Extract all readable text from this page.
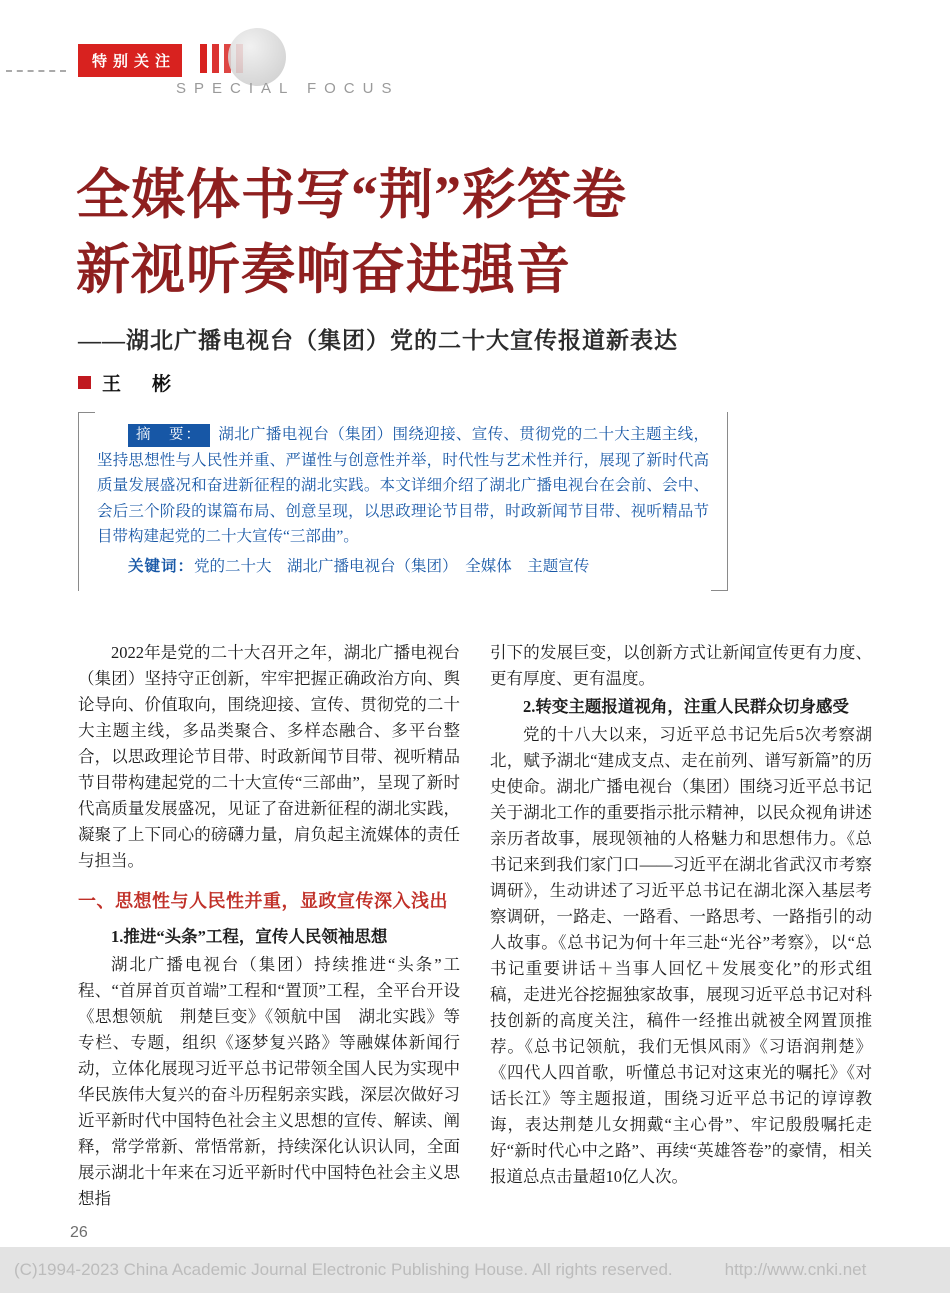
特别关注
SPECIAL FOCUS
全媒体书写“荆”彩答卷
新视听奏响奋进强音
——湖北广播电视台（集团）党的二十大宣传报道新表达
王　彬

摘　要： 湖北广播电视台（集团）围绕迎接、宣传、贯彻党的二十大主题主线，坚持思想性与人民性并重、严谨性与创意性并举，时代性与艺术性并行，展现了新时代高质量发展盛况和奋进新征程的湖北实践。本文详细介绍了湖北广播电视台在会前、会中、会后三个阶段的谋篇布局、创意呈现，以思政理论节目带，时政新闻节目带、视听精品节目带构建起党的二十大宣传“三部曲”。

关键词：党的二十大　湖北广播电视台（集团）　全媒体　主题宣传

2022年是党的二十大召开之年，湖北广播电视台（集团）坚持守正创新，牢牢把握正确政治方向、舆论导向、价值取向，围绕迎接、宣传、贯彻党的二十大主题主线，多品类聚合、多样态融合、多平台整合，以思政理论节目带、时政新闻节目带、视听精品节目带构建起党的二十大宣传“三部曲”，呈现了新时代高质量发展盛况，见证了奋进新征程的湖北实践，凝聚了上下同心的磅礴力量，肩负起主流媒体的责任与担当。

一、思想性与人民性并重，显政宣传深入浅出

1.推进“头条”工程，宣传人民领袖思想

湖北广播电视台（集团）持续推进“头条”工程、“首屏首页首端”工程和“置顶”工程，全平台开设《思想领航　荆楚巨变》《领航中国　湖北实践》等专栏、专题，组织《逐梦复兴路》等融媒体新闻行动，立体化展现习近平总书记带领全国人民为实现中华民族伟大复兴的奋斗历程躬亲实践，深层次做好习近平新时代中国特色社会主义思想的宣传、解读、阐释，常学常新、常悟常新，持续深化认识认同，全面展示湖北十年来在习近平新时代中国特色社会主义思想指

引下的发展巨变，以创新方式让新闻宣传更有力度、更有厚度、更有温度。

2.转变主题报道视角，注重人民群众切身感受

党的十八大以来，习近平总书记先后5次考察湖北，赋予湖北“建成支点、走在前列、谱写新篇”的历史使命。湖北广播电视台（集团）围绕习近平总书记关于湖北工作的重要指示批示精神，以民众视角讲述亲历者故事，展现领袖的人格魅力和思想伟力。《总书记来到我们家门口——习近平在湖北省武汉市考察调研》，生动讲述了习近平总书记在湖北深入基层考察调研，一路走、一路看、一路思考、一路指引的动人故事。《总书记为何十年三赴“光谷”考察》，以“总书记重要讲话＋当事人回忆＋发展变化”的形式组稿，走进光谷挖掘独家故事，展现习近平总书记对科技创新的高度关注，稿件一经推出就被全网置顶推荐。《总书记领航，我们无惧风雨》《习语润荆楚》《四代人四首歌，听懂总书记对这束光的嘱托》《对话长江》等主题报道，围绕习近平总书记的谆谆教诲，表达荆楚儿女拥戴“主心骨”、牢记殷殷嘱托走好“新时代心中之路”、再续“英雄答卷”的豪情，相关报道总点击量超10亿人次。

26
(C)1994-2023 China Academic Journal Electronic Publishing House. All rights reserved.	http://www.cnki.net
